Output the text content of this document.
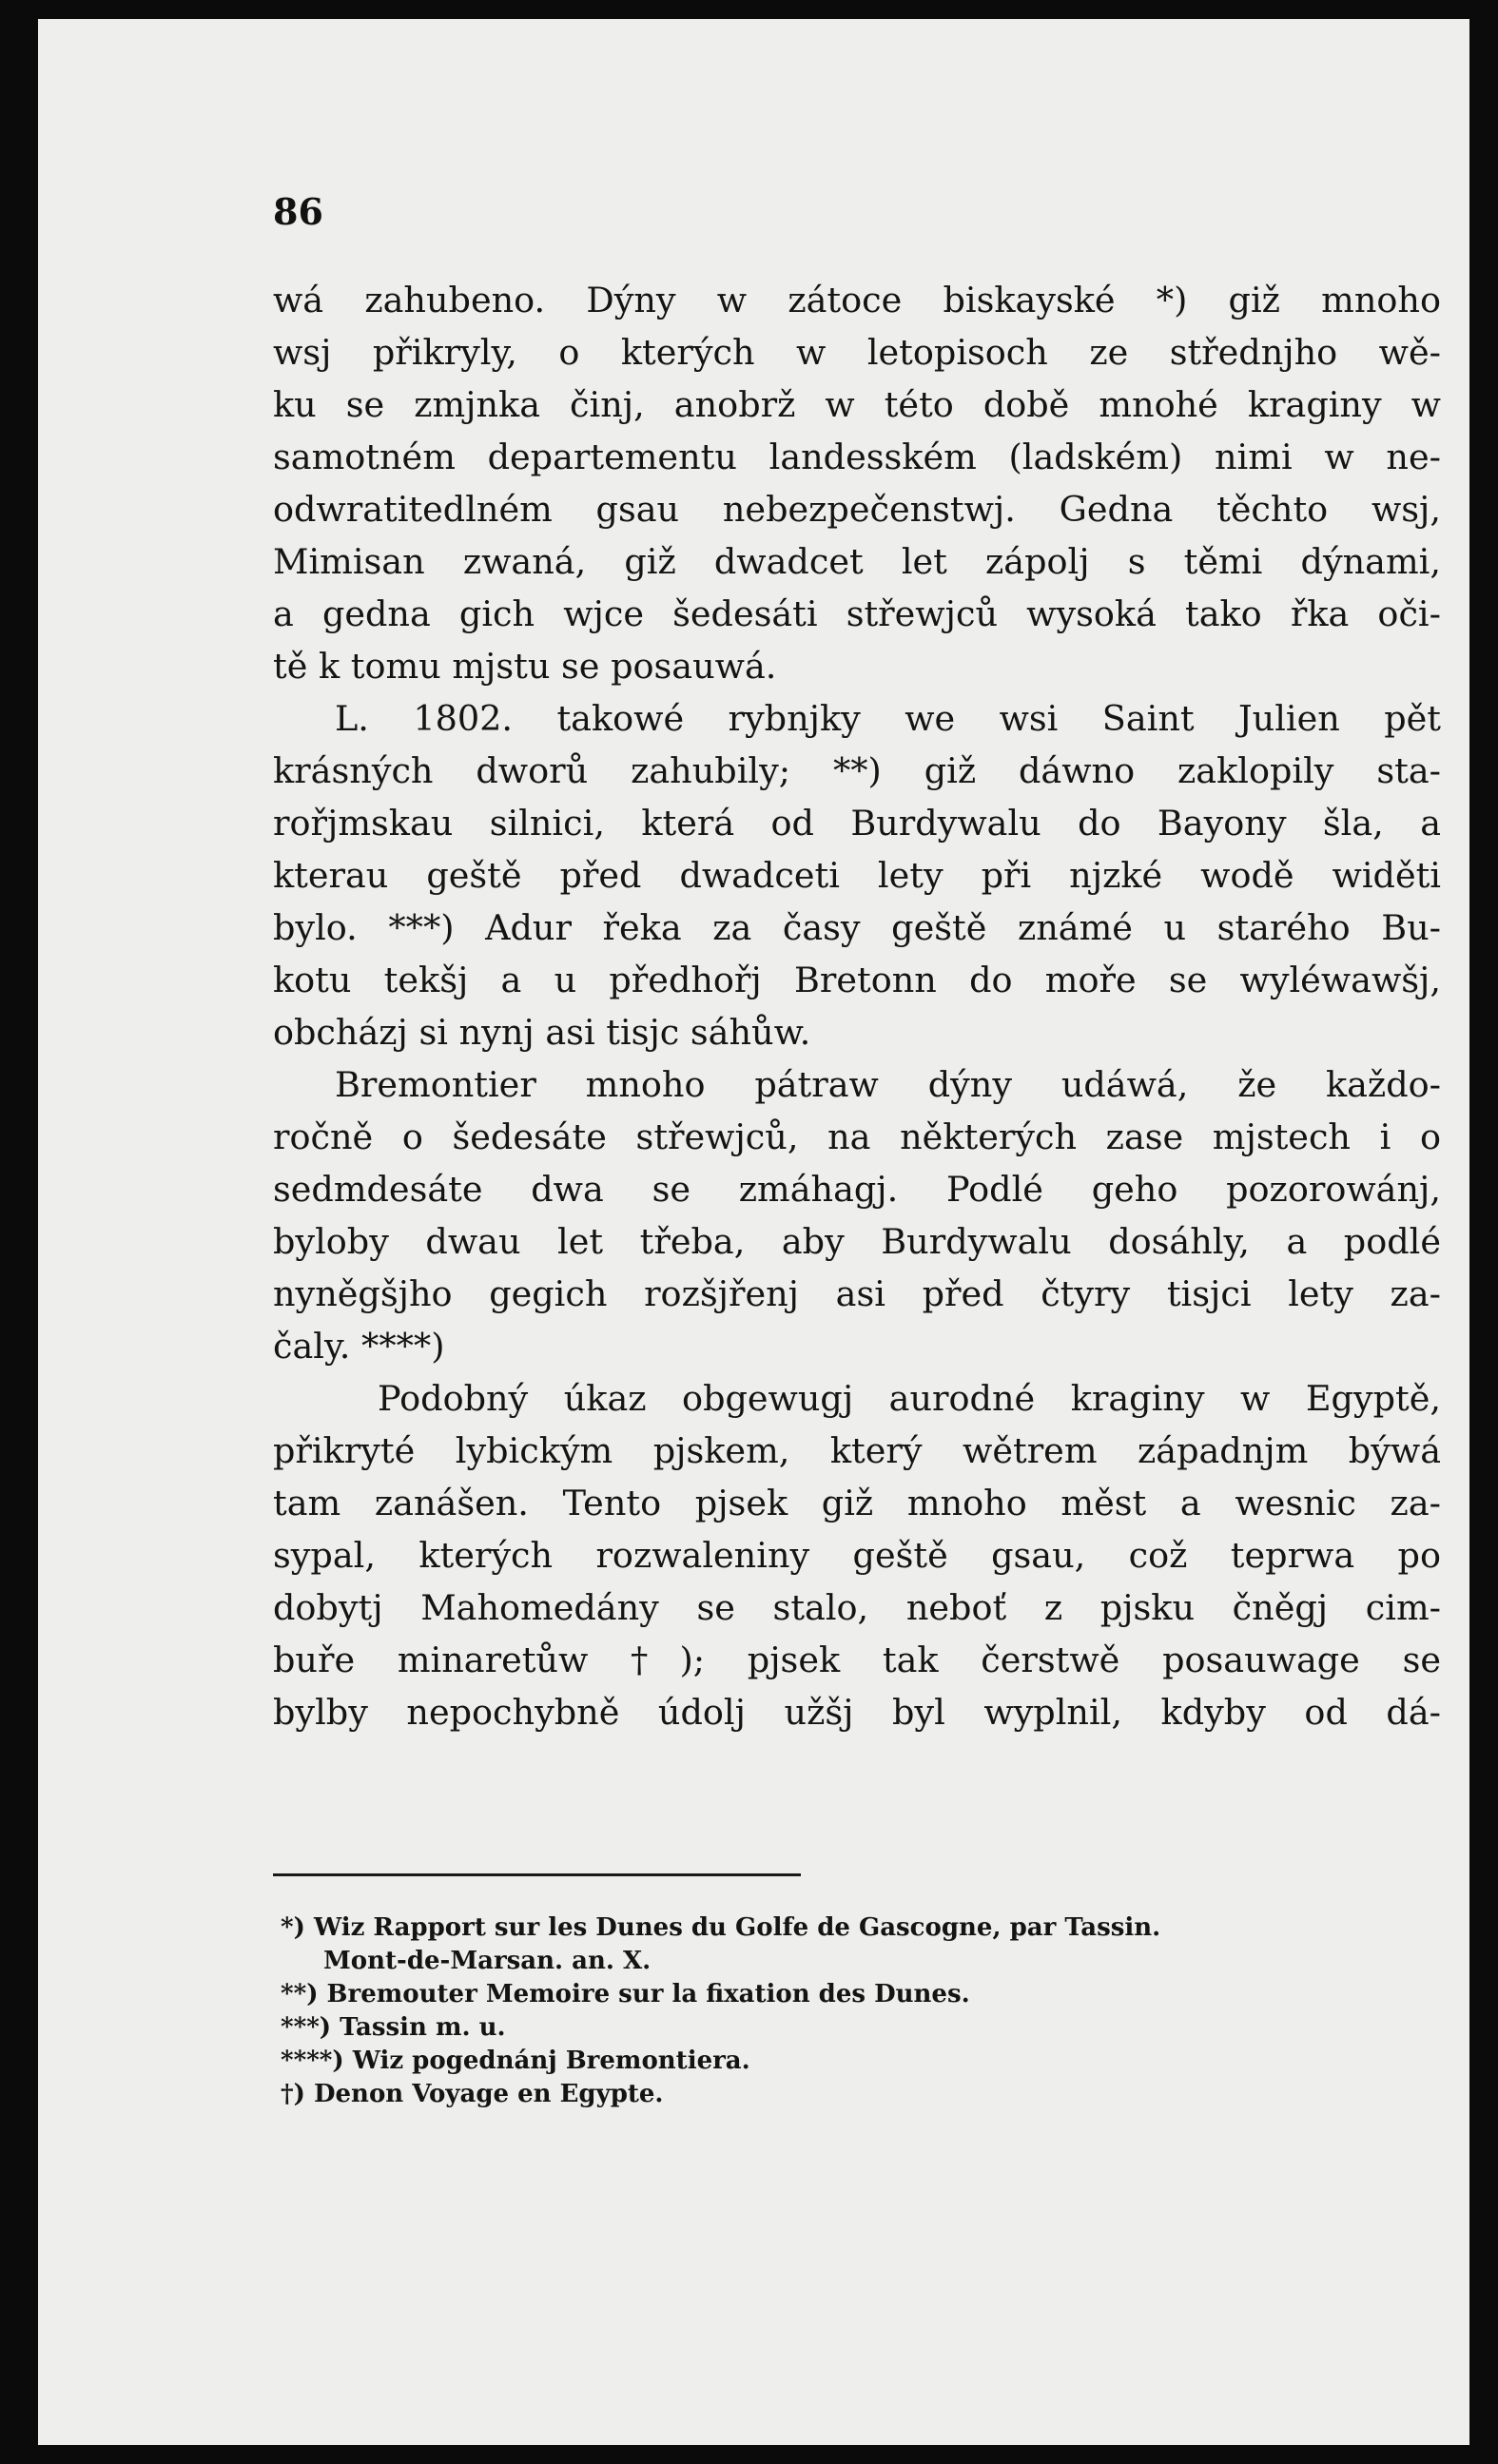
86
wá zahubeno. Dýny w zátoce biskayské *) giž mnoho
wsj přikryly, o kterých w letopisoch ze střednjho wě-
ku se zmjnka činj, anobrž w této době mnohé kraginy w
samotném departementu landesském (ladském) nimi w ne-
odwratitedlném gsau nebezpečenstwj. Gedna těchto wsj,
Mimisan zwaná, giž dwadcet let zápolj s těmi dýnami,
a gedna gich wjce šedesáti střewjců wysoká tako řka oči-
tě k tomu mjstu se posauwá.
L. 1802. takowé rybnjky we wsi Saint Julien pět
krásných dworů zahubily; **) giž dáwno zaklopily sta-
rořjmskau silnici, která od Burdywalu do Bayony šla, a
kterau geště před dwadceti lety při njzké wodě widěti
bylo. ***) Adur řeka za časy geště známé u starého Bu-
kotu tekšj a u předhořj Bretonn do moře se wyléwawšj,
obcházj si nynj asi tisjc sáhůw.
Bremontier mnoho pátraw dýny udáwá, že každo-
ročně o šedesáte střewjců, na některých zase mjstech i o
sedmdesáte dwa se zmáhagj. Podlé geho pozorowánj,
byloby dwau let třeba, aby Burdywalu dosáhly, a podlé
nyněgšjho gegich rozšjřenj asi před čtyry tisjci lety za-
čaly. ****)
Podobný úkaz obgewugj aurodné kraginy w Egyptě,
přikryté lybickým pjskem, který wětrem západnjm býwá
tam zanášen. Tento pjsek giž mnoho měst a wesnic za-
sypal, kterých rozwaleniny geště gsau, což teprwa po
dobytj Mahomedány se stalo, neboť z pjsku čněgj cim-
buře minaretůw †); pjsek tak čerstwě posauwage se
bylby nepochybně údolj užšj byl wyplnil, kdyby od dá-
*) Wiz Rapport sur les Dunes du Golfe de Gascogne, par Tassin.
Mont-de-Marsan. an. X.
**) Bremouter Memoire sur la fixation des Dunes.
***) Tassin m. u.
****) Wiz pogednánj Bremontiera.
†) Denon Voyage en Egypte.
